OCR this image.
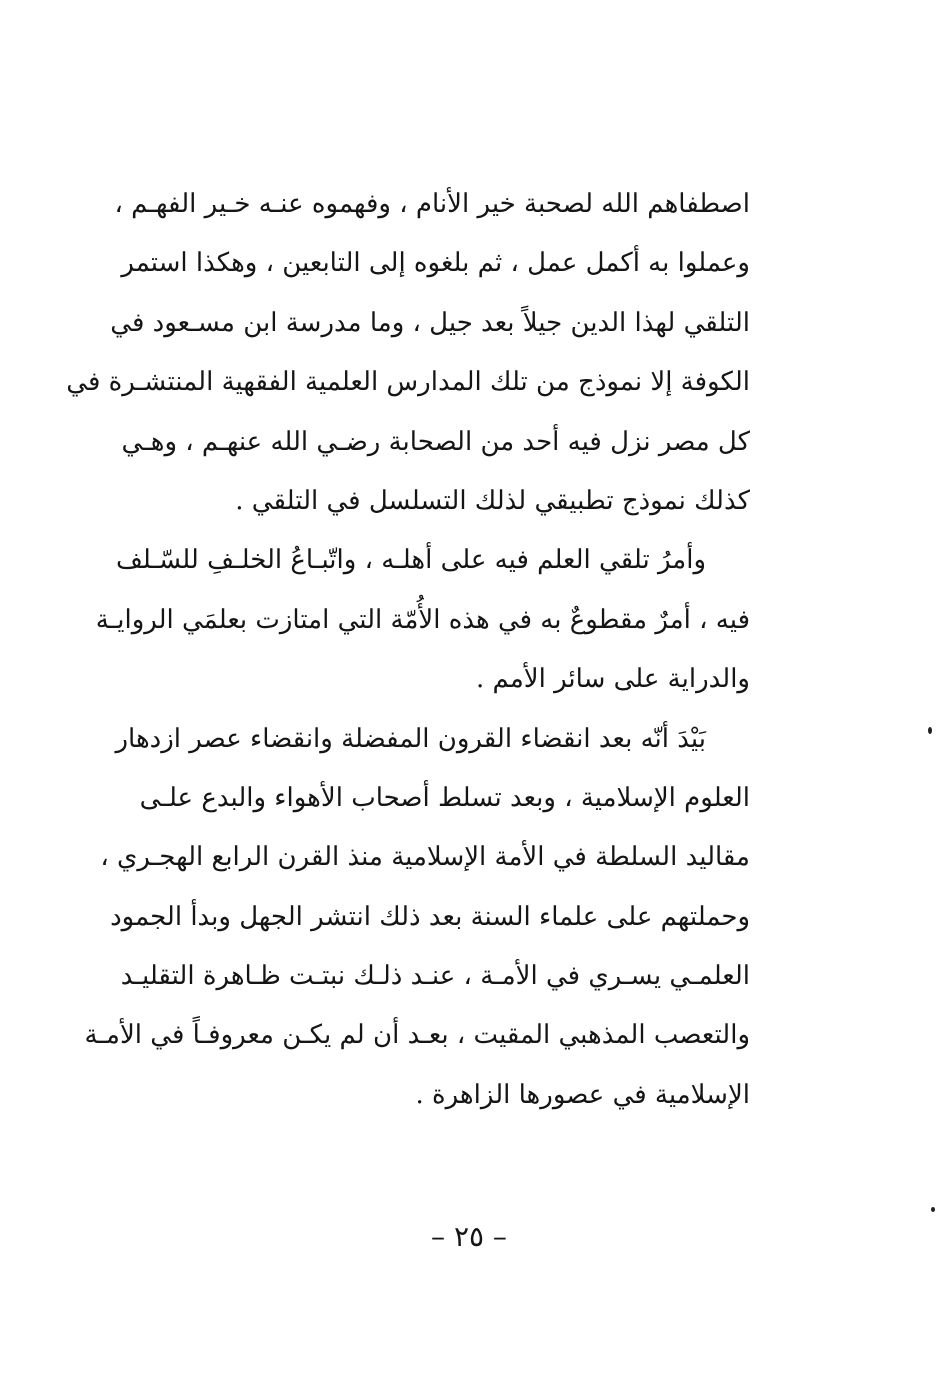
اصطفاهم الله لصحبة خير الأنام ، وفهموه عنـه خـير الفهـم ،
وعملوا به أكمل عمل ، ثم بلغوه إلى التابعين ، وهكذا استمر
التلقي لهذا الدين جيلاً بعد جيل ، وما مدرسة ابن مسـعود في
الكوفة إلا نموذج من تلك المدارس العلمية الفقهية المنتشـرة في
كل مصر نزل فيه أحد من الصحابة رضـي الله عنهـم ، وهـي
كذلك نموذج تطبيقي لذلك التسلسل في التلقي .
وأمرُ تلقي العلم فيه على أهلـه ، واتّبـاعُ الخلـفِ للسّـلف
فيه ، أمرٌ مقطوعٌ به في هذه الأُمّة التي امتازت بعلمَي الروايـة
والدراية على سائر الأمم .
بَيْدَ أنّه بعد انقضاء القرون المفضلة وانقضاء عصر ازدهار
العلوم الإسلامية ، وبعد تسلط أصحاب الأهواء والبدع علـى
مقاليد السلطة في الأمة الإسلامية منذ القرن الرابع الهجـري ،
وحملتهم على علماء السنة بعد ذلك انتشر الجهل وبدأ الجمود
العلمـي يسـري في الأمـة ، عنـد ذلـك نبتـت ظـاهرة التقليـد
والتعصب المذهبي المقيت ، بعـد أن لم يكـن معروفـاً في الأمـة
الإسلامية في عصورها الزاهرة .
– ٢٥ –
